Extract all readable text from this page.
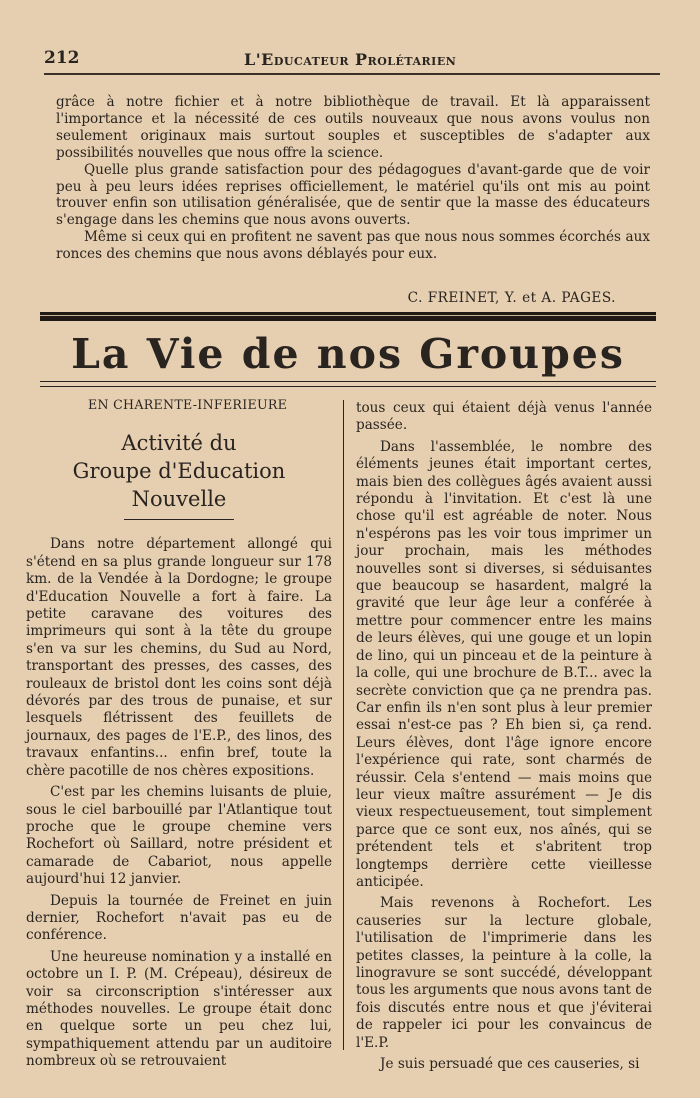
212	L'Educateur Prolétarien

grâce à notre fichier et à notre bibliothèque de travail. Et là apparaissent l'importance et la nécessité de ces outils nouveaux que nous avons voulus non seulement originaux mais surtout souples et susceptibles de s'adapter aux possibilités nouvelles que nous offre la science.

Quelle plus grande satisfaction pour des pédagogues d'avant-garde que de voir peu à peu leurs idées reprises officiellement, le matériel qu'ils ont mis au point trouver enfin son utilisation généralisée, que de sentir que la masse des éducateurs s'engage dans les chemins que nous avons ouverts.

Même si ceux qui en profitent ne savent pas que nous nous sommes écorchés aux ronces des chemins que nous avons déblayés pour eux.

C. FREINET, Y. et A. PAGES.
La Vie de nos Groupes
EN CHARENTE-INFERIEURE
Activité du
Groupe d'Education Nouvelle

Dans notre département allongé qui s'étend en sa plus grande longueur sur 178 km. de la Vendée à la Dordogne; le groupe d'Education Nouvelle a fort à faire. La petite caravane des voitures des imprimeurs qui sont à la tête du groupe s'en va sur les chemins, du Sud au Nord, transportant des presses, des casses, des rouleaux de bristol dont les coins sont déjà dévorés par des trous de punaise, et sur lesquels flétrissent des feuillets de journaux, des pages de l'E.P., des linos, des travaux enfantins... enfin bref, toute la chère pacotille de nos chères expositions.

C'est par les chemins luisants de pluie, sous le ciel barbouillé par l'Atlantique tout proche que le groupe chemine vers Rochefort où Saillard, notre président et camarade de Cabariot, nous appelle aujourd'hui 12 janvier.

Depuis la tournée de Freinet en juin dernier, Rochefort n'avait pas eu de conférence.

Une heureuse nomination y a installé en octobre un I. P. (M. Crépeau), désireux de voir sa circonscription s'intéresser aux méthodes nouvelles. Le groupe était donc en quelque sorte un peu chez lui, sympathiquement attendu par un auditoire nombreux où se retrouvaient

tous ceux qui étaient déjà venus l'année passée.

Dans l'assemblée, le nombre des éléments jeunes était important certes, mais bien des collègues âgés avaient aussi répondu à l'invitation. Et c'est là une chose qu'il est agréable de noter. Nous n'espérons pas les voir tous imprimer un jour prochain, mais les méthodes nouvelles sont si diverses, si séduisantes que beaucoup se hasardent, malgré la gravité que leur âge leur a conférée à mettre pour commencer entre les mains de leurs élèves, qui une gouge et un lopin de lino, qui un pinceau et de la peinture à la colle, qui une brochure de B.T... avec la secrète conviction que ça ne prendra pas. Car enfin ils n'en sont plus à leur premier essai n'est-ce pas ? Eh bien si, ça rend. Leurs élèves, dont l'âge ignore encore l'expérience qui rate, sont charmés de réussir. Cela s'entend — mais moins que leur vieux maître assurément — Je dis vieux respectueusement, tout simplement parce que ce sont eux, nos aînés, qui se prétendent tels et s'abritent trop longtemps derrière cette vieillesse anticipée.

Mais revenons à Rochefort. Les causeries sur la lecture globale, l'utilisation de l'imprimerie dans les petites classes, la peinture à la colle, la linogravure se sont succédé, développant tous les arguments que nous avons tant de fois discutés entre nous et que j'éviterai de rappeler ici pour les convaincus de l'E.P.

Je suis persuadé que ces causeries, si
